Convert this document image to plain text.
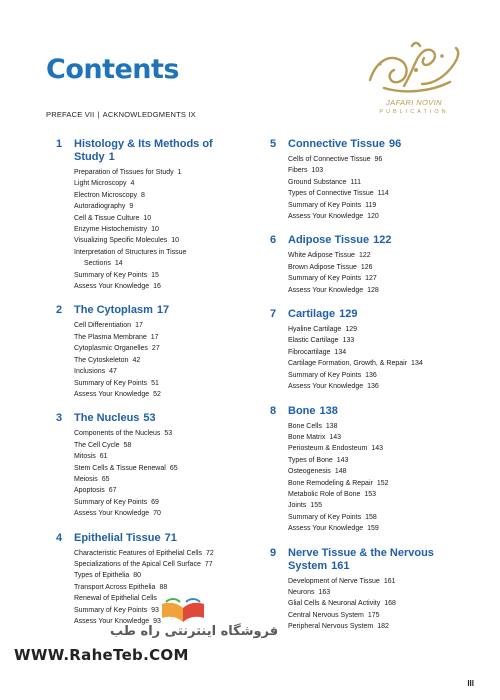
Contents
PREFACE VII | ACKNOWLEDGMENTS IX
JAFARI NOVIN
PUBLICATION
1 Histology & Its Methods of Study 1
Preparation of Tissues for Study 1
Light Microscopy 4
Electron Microscopy 8
Autoradiography 9
Cell & Tissue Culture 10
Enzyme Histochemistry 10
Visualizing Specific Molecules 10
Interpretation of Structures in Tissue
Sections 14
Summary of Key Points 15
Assess Your Knowledge 16
2 The Cytoplasm 17
Cell Differentiation 17
The Plasma Membrane 17
Cytoplasmic Organelles 27
The Cytoskeleton 42
Inclusions 47
Summary of Key Points 51
Assess Your Knowledge 52
3 The Nucleus 53
Components of the Nucleus 53
The Cell Cycle 58
Mitosis 61
Stem Cells & Tissue Renewal 65
Meiosis 65
Apoptosis 67
Summary of Key Points 69
Assess Your Knowledge 70
4 Epithelial Tissue 71
Characteristic Features of Epithelial Cells 72
Specializations of the Apical Cell Surface 77
Types of Epithelia 80
Transport Across Epithelia 88
Renewal of Epithelial Cells
Summary of Key Points 93
Assess Your Knowledge 93
5 Connective Tissue 96
Cells of Connective Tissue 96
Fibers 103
Ground Substance 111
Types of Connective Tissue 114
Summary of Key Points 119
Assess Your Knowledge 120
6 Adipose Tissue 122
White Adipose Tissue 122
Brown Adipose Tissue 126
Summary of Key Points 127
Assess Your Knowledge 128
7 Cartilage 129
Hyaline Cartilage 129
Elastic Cartilage 133
Fibrocartilage 134
Cartilage Formation, Growth, & Repair 134
Summary of Key Points 136
Assess Your Knowledge 136
8 Bone 138
Bone Cells 138
Bone Matrix 143
Periosteum & Endosteum 143
Types of Bone 143
Osteogenesis 148
Bone Remodeling & Repair 152
Metabolic Role of Bone 153
Joints 155
Summary of Key Points 158
Assess Your Knowledge 159
9 Nerve Tissue & the Nervous System 161
Development of Nerve Tissue 161
Neurons 163
Glial Cells & Neuronal Activity 168
Central Nervous System 175
Peripheral Nervous System 182
فروشگاه اینترنتی راه طب
WWW.RaheTeb.COM
III
